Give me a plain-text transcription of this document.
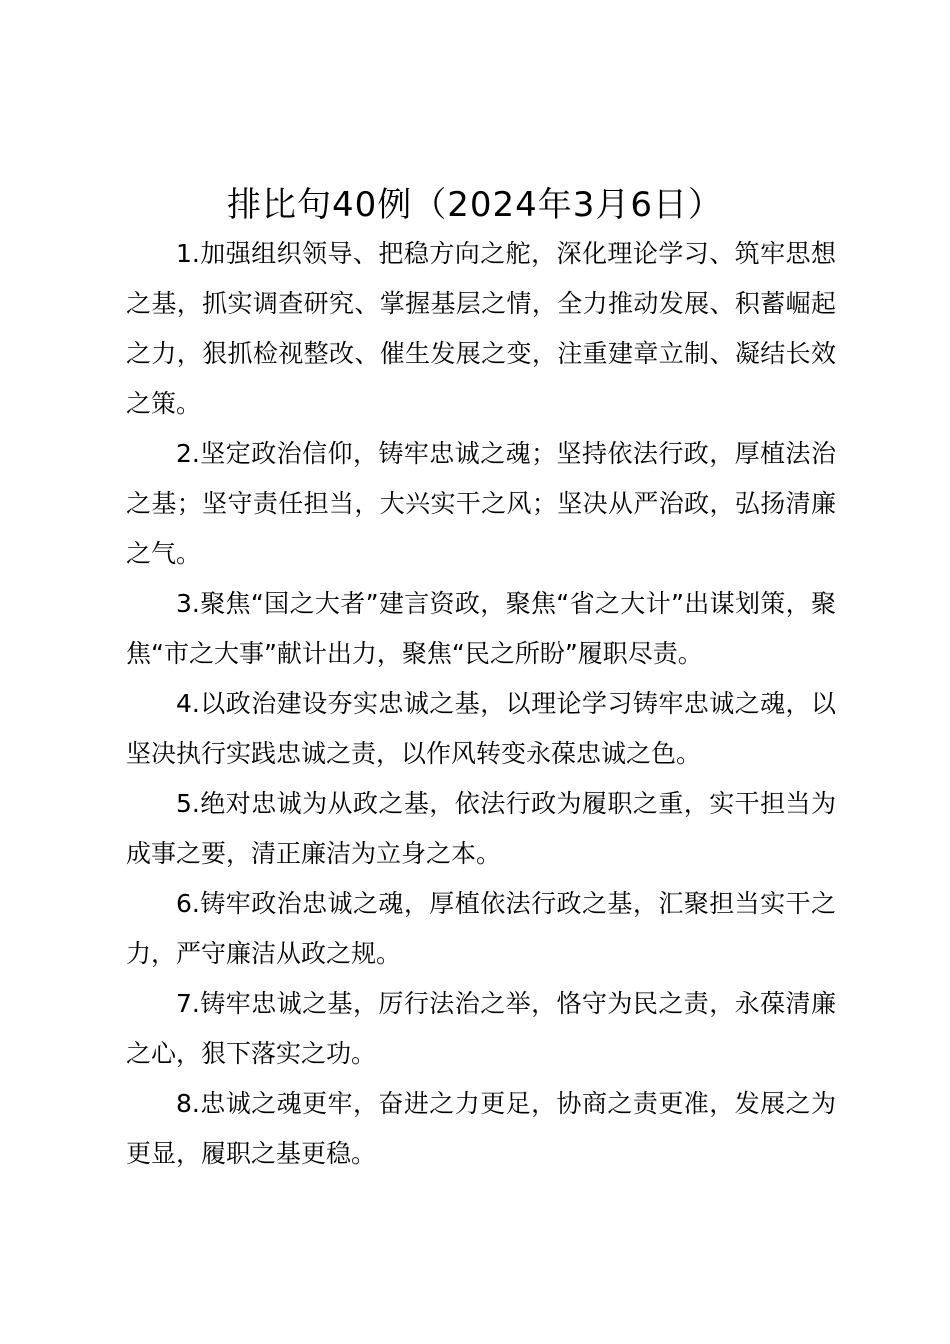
排比句40例（2024年3月6日）

1.加强组织领导、把稳方向之舵，深化理论学习、筑牢思想之基，抓实调查研究、掌握基层之情，全力推动发展、积蓄崛起之力，狠抓检视整改、催生发展之变，注重建章立制、凝结长效之策。

2.坚定政治信仰，铸牢忠诚之魂；坚持依法行政，厚植法治之基；坚守责任担当，大兴实干之风；坚决从严治政，弘扬清廉之气。

3.聚焦“国之大者”建言资政，聚焦“省之大计”出谋划策，聚焦“市之大事”献计出力，聚焦“民之所盼”履职尽责。

4.以政治建设夯实忠诚之基，以理论学习铸牢忠诚之魂，以坚决执行实践忠诚之责，以作风转变永葆忠诚之色。

5.绝对忠诚为从政之基，依法行政为履职之重，实干担当为成事之要，清正廉洁为立身之本。

6.铸牢政治忠诚之魂，厚植依法行政之基，汇聚担当实干之力，严守廉洁从政之规。

7.铸牢忠诚之基，厉行法治之举，恪守为民之责，永葆清廉之心，狠下落实之功。

8.忠诚之魂更牢，奋进之力更足，协商之责更准，发展之为更显，履职之基更稳。
